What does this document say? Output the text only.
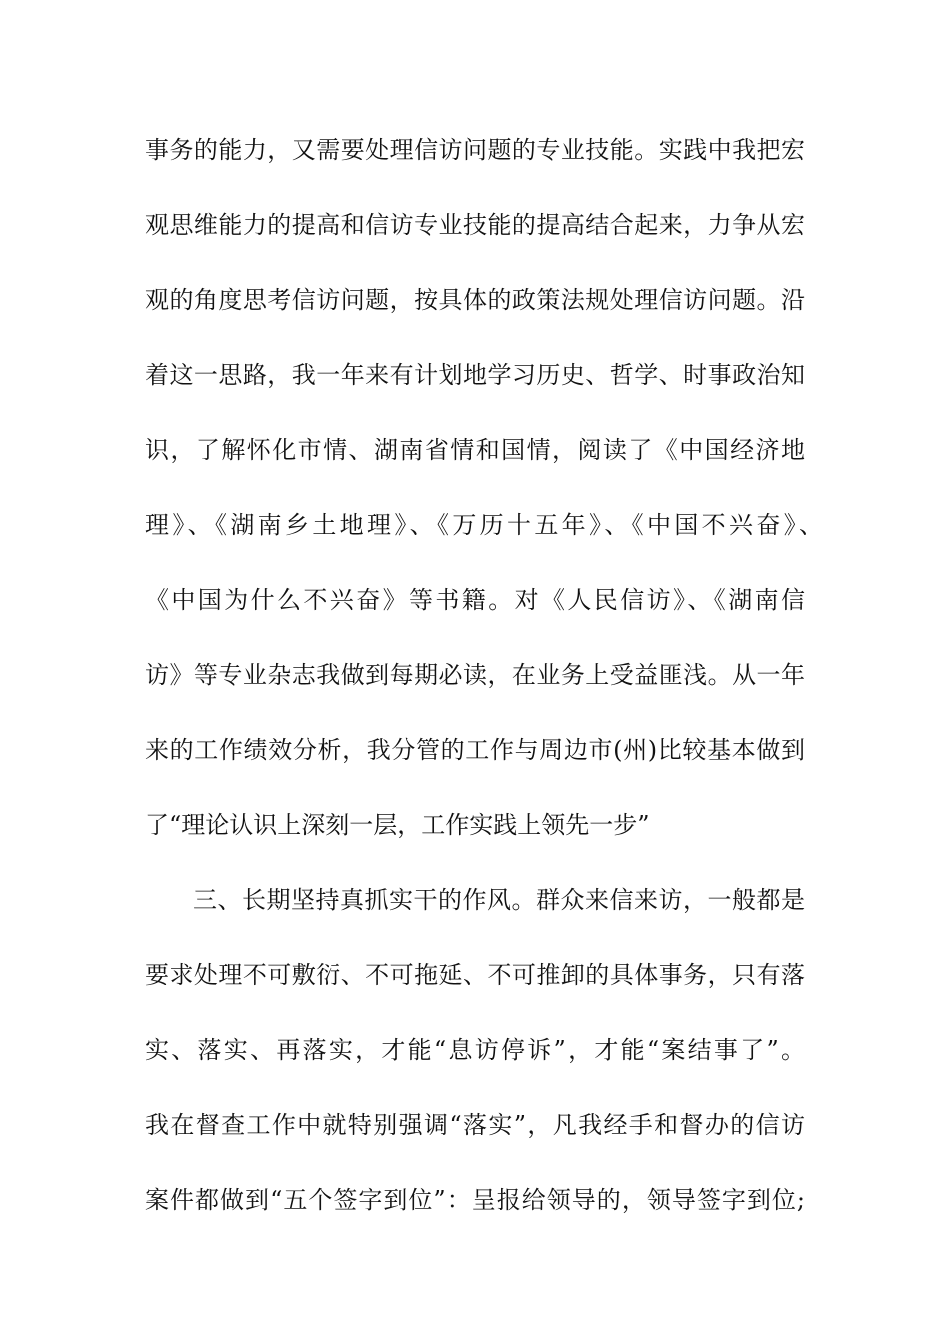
事务的能力，又需要处理信访问题的专业技能。实践中我把宏
观思维能力的提高和信访专业技能的提高结合起来，力争从宏
观的角度思考信访问题，按具体的政策法规处理信访问题。沿
着这一思路，我一年来有计划地学习历史、哲学、时事政治知
识，了解怀化市情、湖南省情和国情，阅读了《中国经济地
理》、《湖南乡土地理》、《万历十五年》、《中国不兴奋》、
《中国为什么不兴奋》等书籍。对《人民信访》、《湖南信
访》等专业杂志我做到每期必读，在业务上受益匪浅。从一年
来的工作绩效分析，我分管的工作与周边市(州)比较基本做到
了“理论认识上深刻一层，工作实践上领先一步”
三、长期坚持真抓实干的作风。群众来信来访，一般都是
要求处理不可敷衍、不可拖延、不可推卸的具体事务，只有落
实、落实、再落实，才能“息访停诉”，才能“案结事了”。
我在督查工作中就特别强调“落实”，凡我经手和督办的信访
案件都做到“五个签字到位”：呈报给领导的，领导签字到位;
